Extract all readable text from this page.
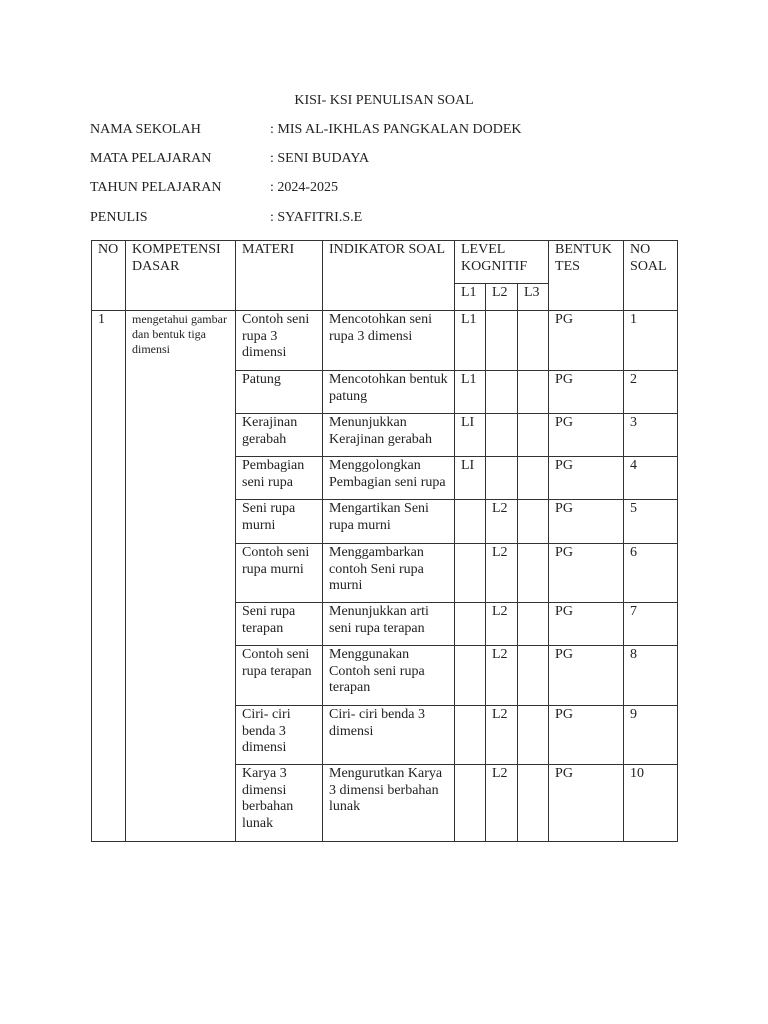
KISI- KSI PENULISAN SOAL
NAMA SEKOLAH	: MIS AL-IKHLAS PANGKALAN DODEK
MATA PELAJARAN	: SENI BUDAYA
TAHUN PELAJARAN	: 2024-2025
PENULIS	: SYAFITRI.S.E
NO	KOMPETENSI DASAR	MATERI	INDIKATOR SOAL	LEVEL KOGNITIF			BENTUK TES	NO SOAL
				L1	L2	L3		
1	mengetahui gambar dan bentuk tiga dimensi	Contoh seni rupa 3 dimensi	Mencotohkan seni rupa 3 dimensi	L1			PG	1
		Patung	Mencotohkan bentuk patung	L1			PG	2
		Kerajinan gerabah	Menunjukkan Kerajinan gerabah	LI			PG	3
		Pembagian seni rupa	Menggolongkan Pembagian seni rupa	LI			PG	4
		Seni rupa murni	Mengartikan Seni rupa murni		L2		PG	5
		Contoh seni rupa murni	Menggambarkan contoh Seni rupa murni		L2		PG	6
		Seni rupa terapan	Menunjukkan arti seni rupa terapan		L2		PG	7
		Contoh seni rupa terapan	Menggunakan Contoh seni rupa terapan		L2		PG	8
		Ciri- ciri benda 3 dimensi	Ciri- ciri benda 3 dimensi		L2		PG	9
		Karya 3 dimensi berbahan lunak	Mengurutkan Karya 3 dimensi berbahan lunak		L2		PG	10
